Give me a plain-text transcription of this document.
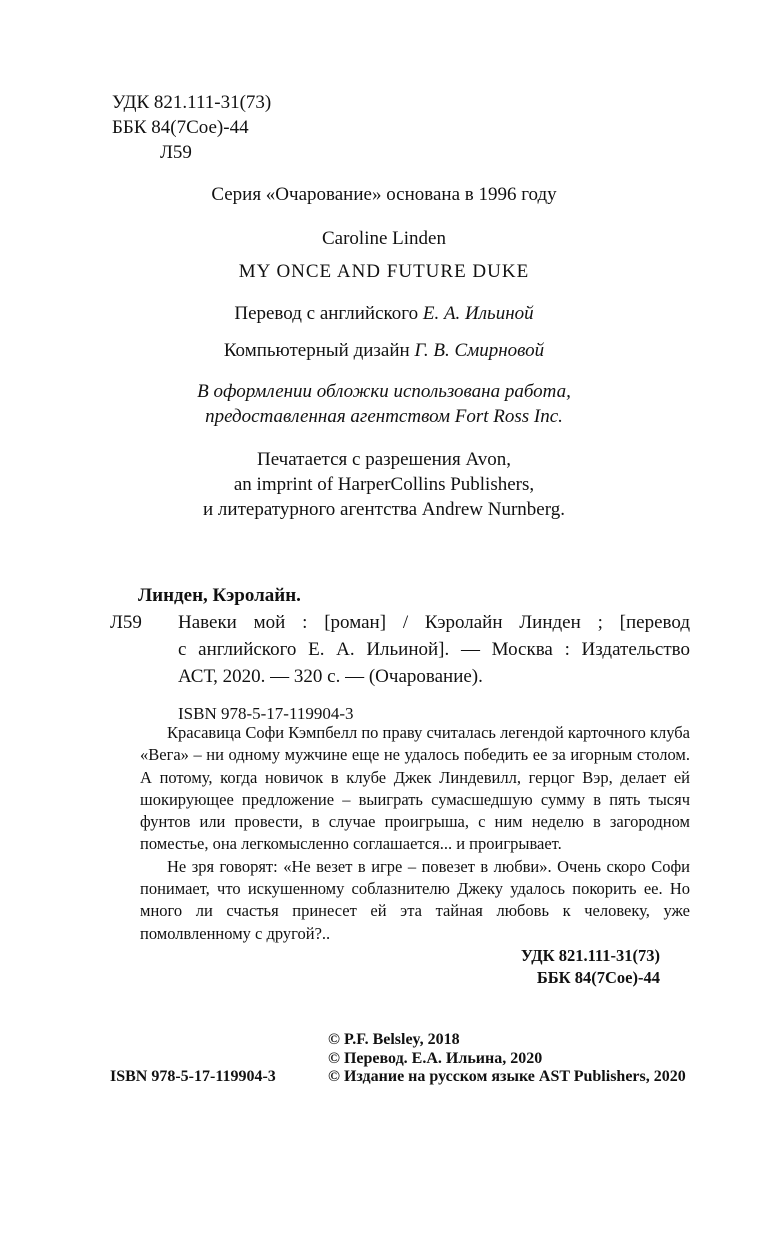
УДК 821.111-31(73)
ББК 84(7Сое)-44
Л59
Серия «Очарование» основана в 1996 году
Caroline Linden
MY ONCE AND FUTURE DUKE
Перевод с английского Е. А. Ильиной
Компьютерный дизайн Г. В. Смирновой
В оформлении обложки использована работа,
предоставленная агентством Fort Ross Inc.
Печатается с разрешения Avon,
an imprint of HarperCollins Publishers,
и литературного агентства Andrew Nurnberg.
Линден, Кэролайн.
Л59	Навеки мой : [роман] / Кэролайн Линден ; [перевод
с английского Е. А. Ильиной]. — Москва : Издательство
АСТ, 2020. — 320 с. — (Очарование).
ISBN 978-5-17-119904-3

Красавица Софи Кэмпбелл по праву считалась легендой карточного клуба «Вега» – ни одному мужчине еще не удалось победить ее за игорным столом. А потому, когда новичок в клубе Джек Линдевилл, герцог Вэр, делает ей шокирующее предложение – выиграть сумасшедшую сумму в пять тысяч фунтов или провести, в случае проигрыша, с ним неделю в загородном поместье, она легкомысленно соглашается... и проигрывает.

Не зря говорят: «Не везет в игре – повезет в любви». Очень скоро Софи понимает, что искушенному соблазнителю Джеку удалось покорить ее. Но много ли счастья принесет ей эта тайная любовь к человеку, уже помолвленному с другой?..

УДК 821.111-31(73)

ББК 84(7Сое)-44

ISBN 978-5-17-119904-3
© P.F. Belsley, 2018
© Перевод. Е.А. Ильина, 2020
© Издание на русском языке AST Publishers, 2020
